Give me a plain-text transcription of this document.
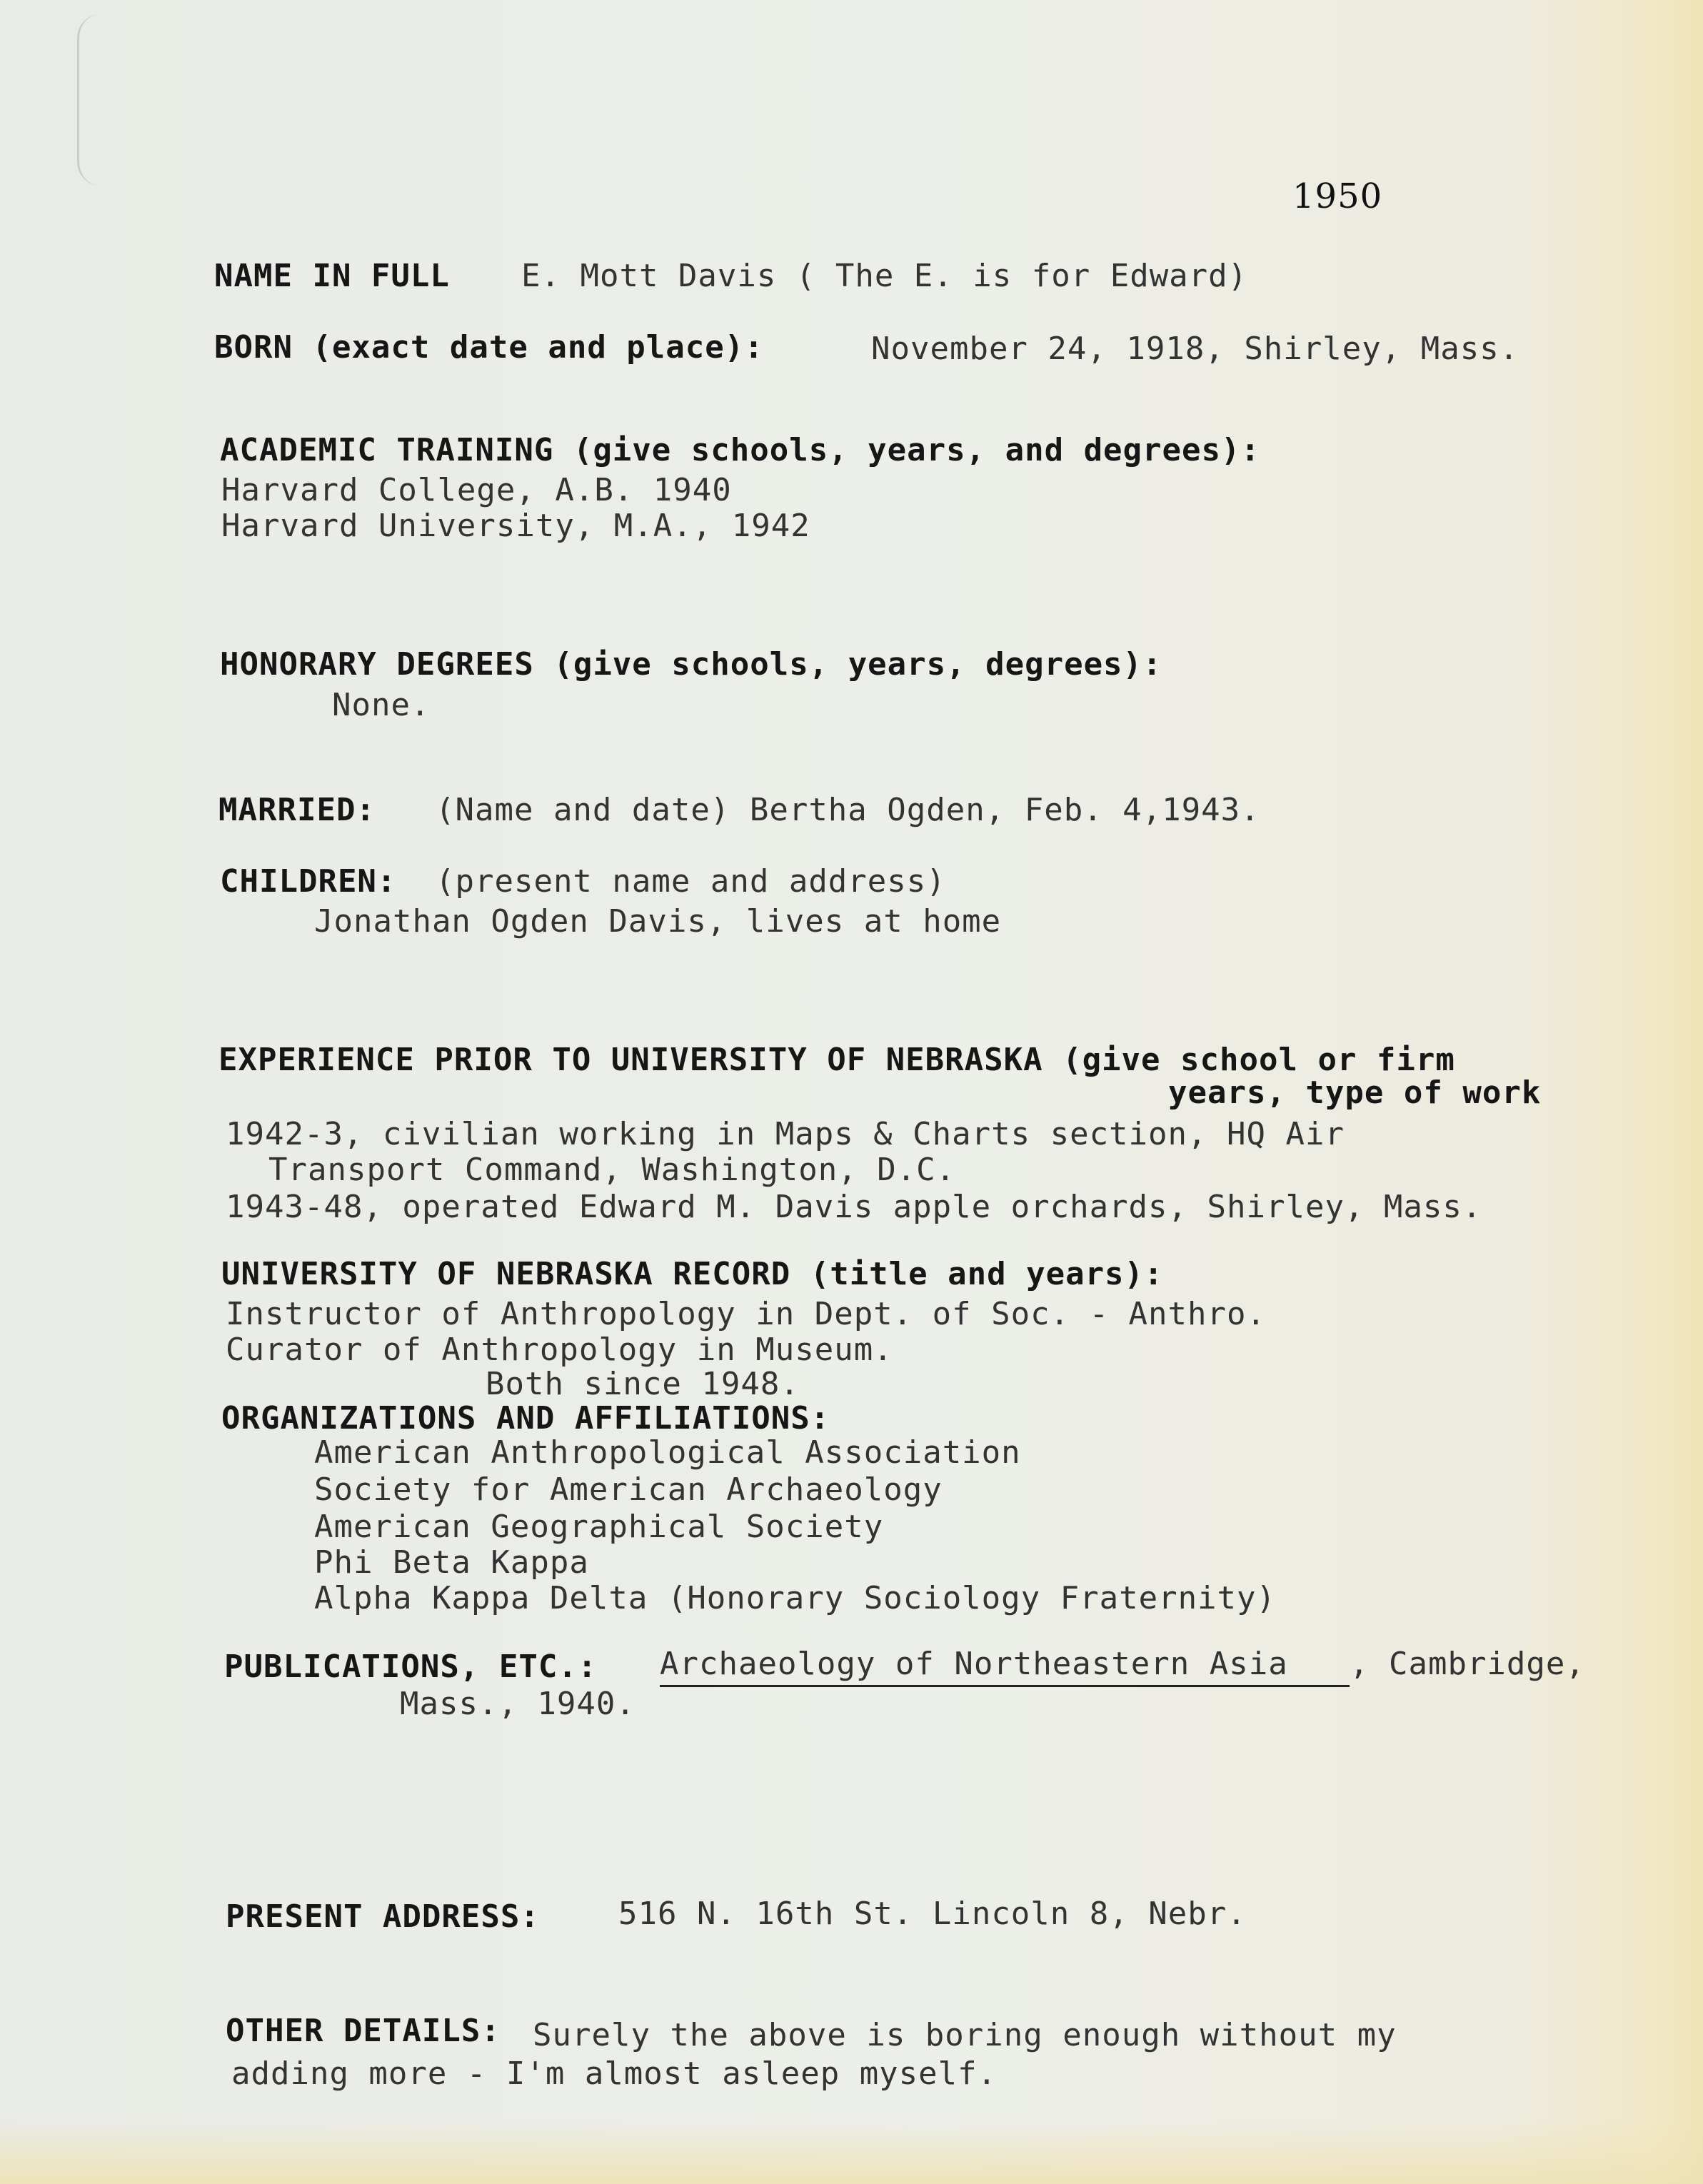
1950
NAME IN FULL E. Mott Davis ( The E. is for Edward)
BORN (exact date and place):	November 24, 1918, Shirley, Mass.
ACADEMIC TRAINING (give schools, years, and degrees):
Harvard College, A.B. 1940
Harvard University, M.A., 1942
HONORARY DEGREES (give schools, years, degrees):
None.
MARRIED: (Name and date) Bertha Ogden, Feb. 4,1943.
CHILDREN: (present name and address)
Jonathan Ogden Davis, lives at home
EXPERIENCE PRIOR TO UNIVERSITY OF NEBRASKA (give school or firm
years, type of work
1942-3, civilian working in Maps & Charts section, HQ Air
Transport Command, Washington, D.C.
1943-48, operated Edward M. Davis apple orchards, Shirley, Mass.
UNIVERSITY OF NEBRASKA RECORD (title and years):
Instructor of Anthropology in Dept. of Soc. - Anthro.
Curator of Anthropology in Museum.
Both since 1948.
ORGANIZATIONS AND AFFILIATIONS:
American Anthropological Association
Society for American Archaeology
American Geographical Society
Phi Beta Kappa
Alpha Kappa Delta (Honorary Sociology Fraternity)
PUBLICATIONS, ETC.: Archaeology of Northeastern Asia , Cambridge,
Mass., 1940.
PRESENT ADDRESS:	516 N. 16th St. Lincoln 8, Nebr.
OTHER DETAILS: Surely the above is boring enough without my
adding more - I'm almost asleep myself.
